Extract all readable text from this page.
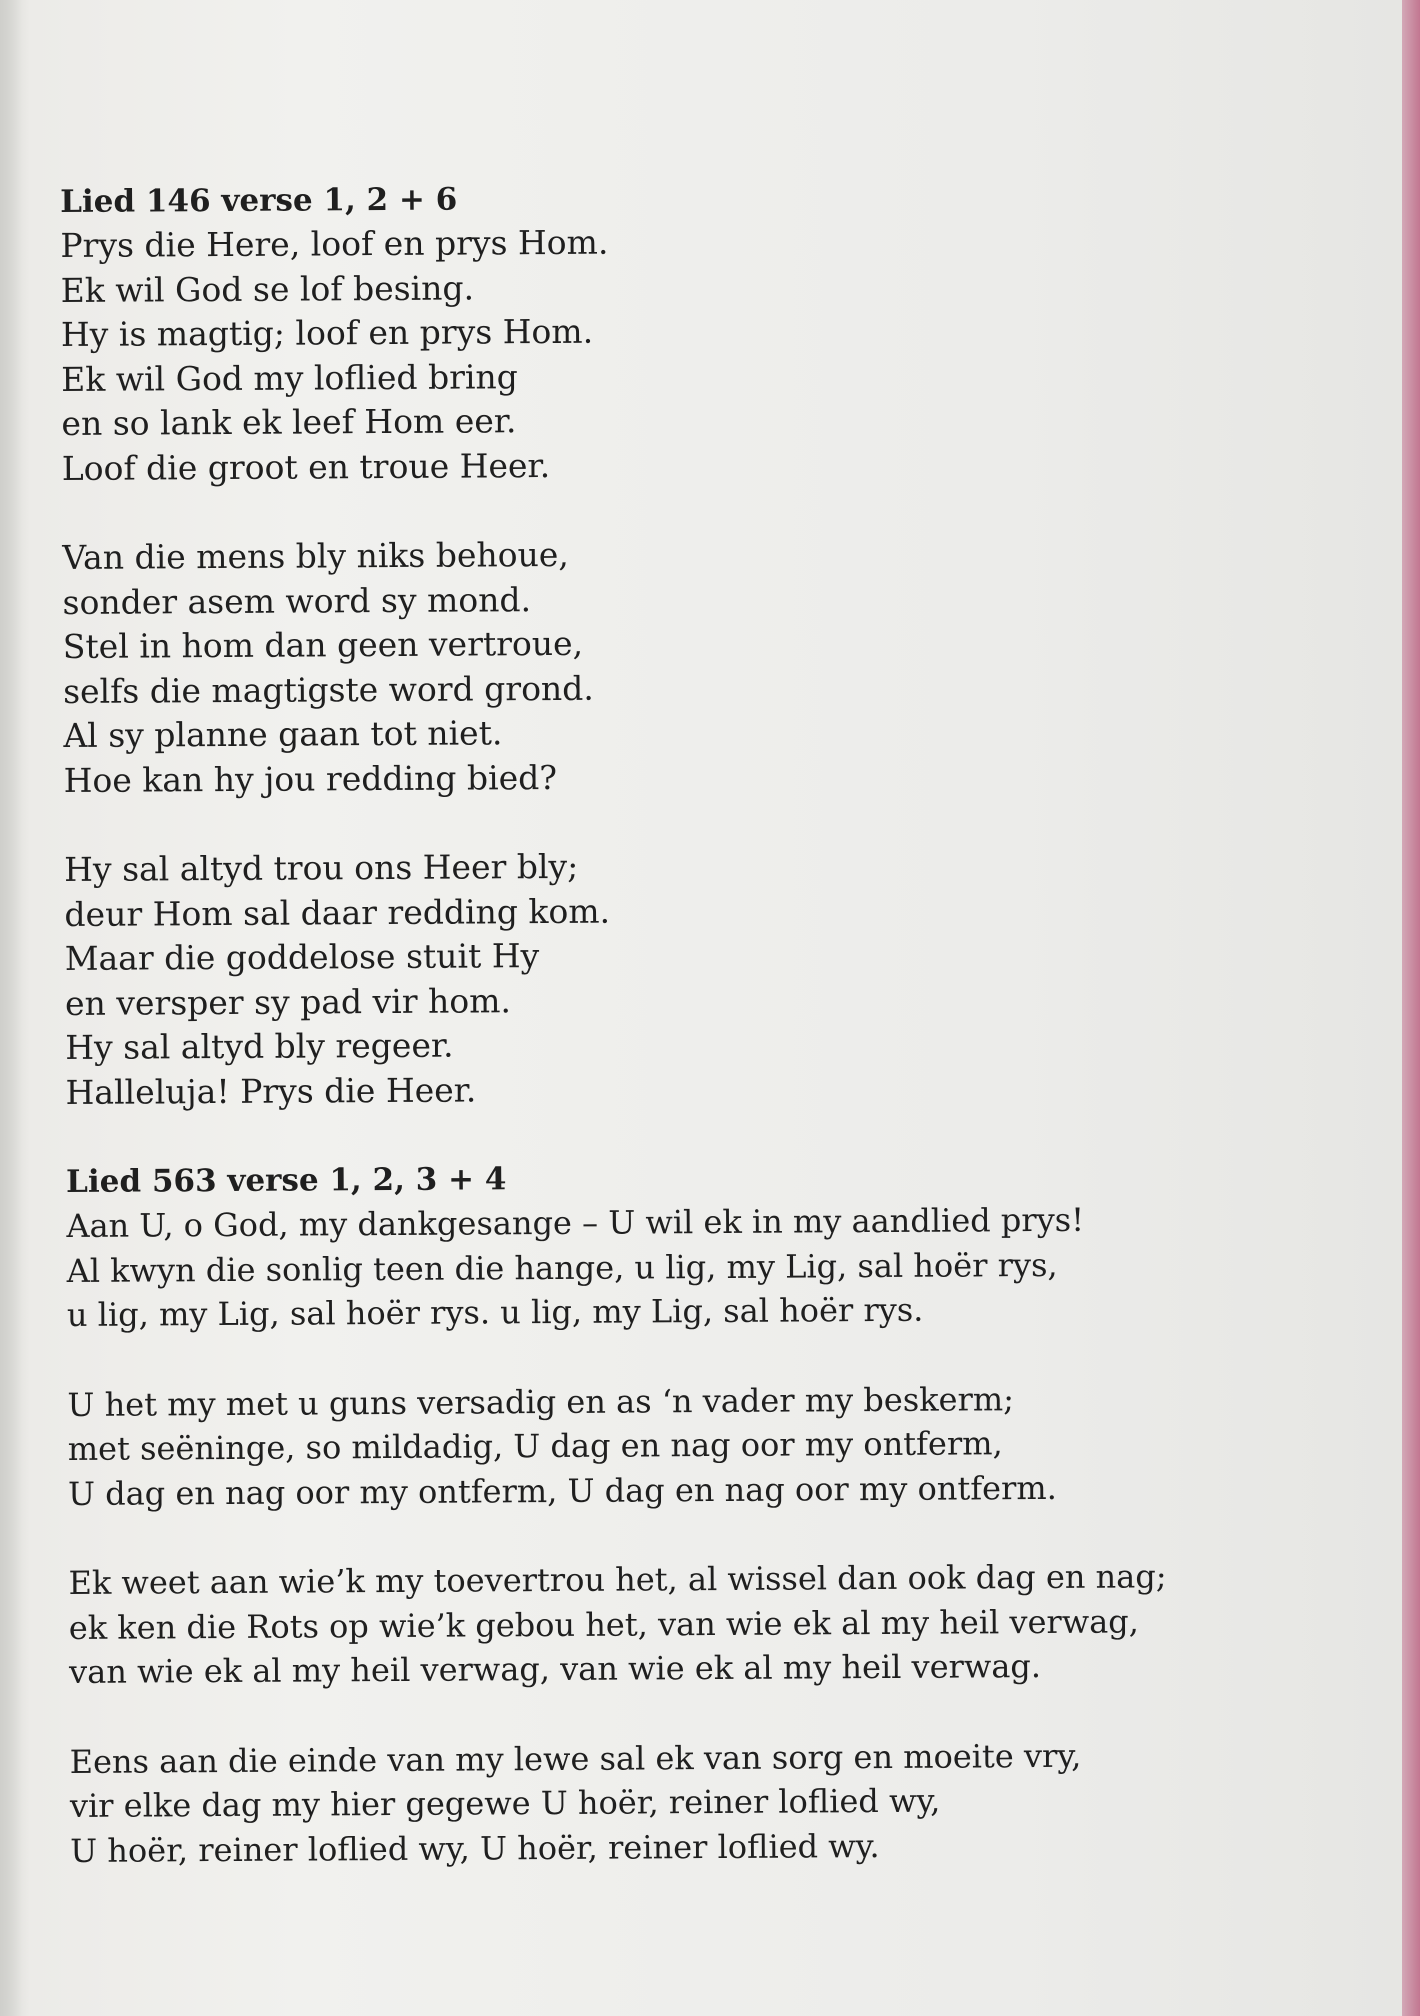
Lied 146 verse 1, 2 + 6
Prys die Here, loof en prys Hom.
Ek wil God se lof besing.
Hy is magtig; loof en prys Hom.
Ek wil God my loflied bring
en so lank ek leef Hom eer.
Loof die groot en troue Heer.
Van die mens bly niks behoue,
sonder asem word sy mond.
Stel in hom dan geen vertroue,
selfs die magtigste word grond.
Al sy planne gaan tot niet.
Hoe kan hy jou redding bied?
Hy sal altyd trou ons Heer bly;
deur Hom sal daar redding kom.
Maar die goddelose stuit Hy
en versper sy pad vir hom.
Hy sal altyd bly regeer.
Halleluja! Prys die Heer.
Lied 563 verse 1, 2, 3 + 4
Aan U, o God, my dankgesange – U wil ek in my aandlied prys!
Al kwyn die sonlig teen die hange, u lig, my Lig, sal hoër rys,
u lig, my Lig, sal hoër rys. u lig, my Lig, sal hoër rys.
U het my met u guns versadig en as ‘n vader my beskerm;
met seëninge, so mildadig, U dag en nag oor my ontferm,
U dag en nag oor my ontferm, U dag en nag oor my ontferm.
Ek weet aan wie’k my toevertrou het, al wissel dan ook dag en nag;
ek ken die Rots op wie’k gebou het, van wie ek al my heil verwag,
van wie ek al my heil verwag, van wie ek al my heil verwag.
Eens aan die einde van my lewe sal ek van sorg en moeite vry,
vir elke dag my hier gegewe U hoër, reiner loflied wy,
U hoër, reiner loflied wy, U hoër, reiner loflied wy.
